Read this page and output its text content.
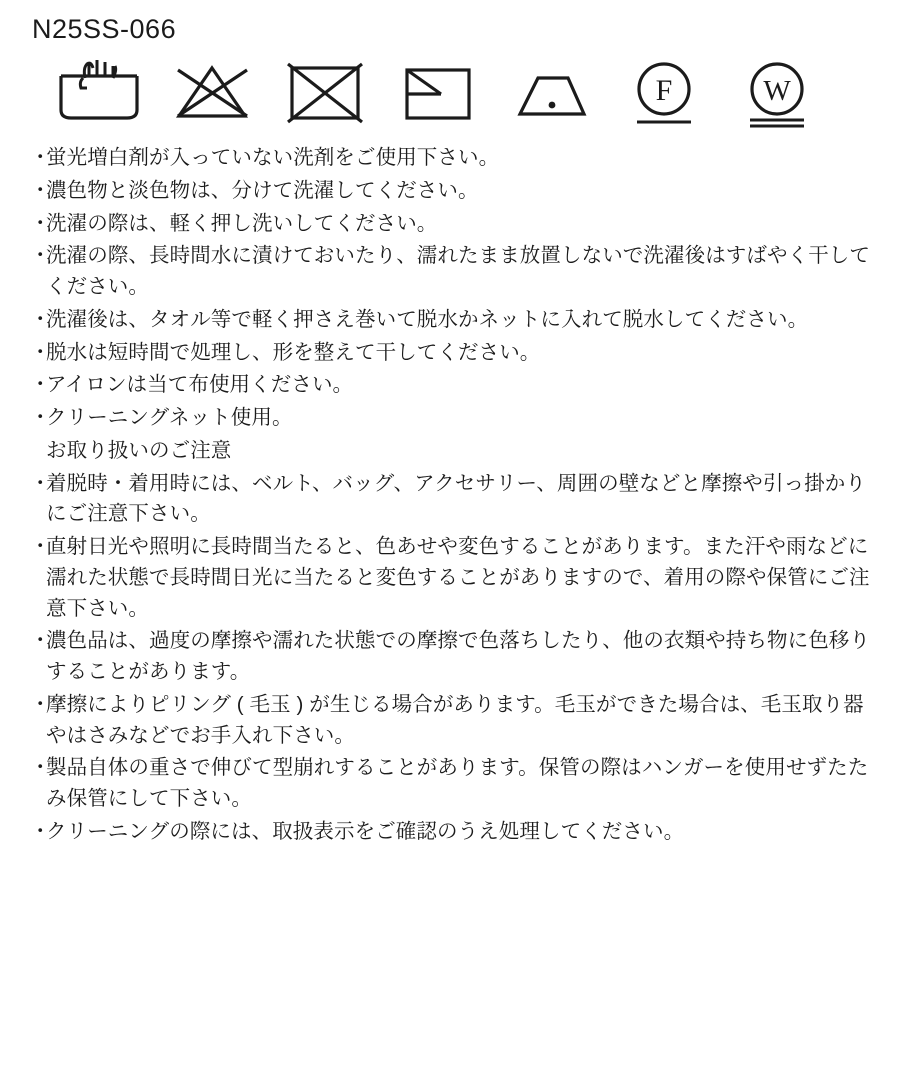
N25SS-066
F	W
・
蛍光増白剤が入っていない洗剤をご使用下さい。
・
濃色物と淡色物は、分けて洗濯してください。
・
洗濯の際は、軽く押し洗いしてください。
・
洗濯の際、長時間水に漬けておいたり、濡れたまま放置しないで洗濯後はすばやく干してください。
・
洗濯後は、タオル等で軽く押さえ巻いて脱水かネットに入れて脱水してください。
・
脱水は短時間で処理し、形を整えて干してください。
・
アイロンは当て布使用ください。
・
クリーニングネット使用。
お取り扱いのご注意
・
着脱時・着用時には、ベルト、バッグ、アクセサリー、周囲の壁などと摩擦や引っ掛かりにご注意下さい。
・
直射日光や照明に長時間当たると、色あせや変色することがあります。また汗や雨などに濡れた状態で長時間日光に当たると変色することがありますので、着用の際や保管にご注意下さい。
・
濃色品は、過度の摩擦や濡れた状態での摩擦で色落ちしたり、他の衣類や持ち物に色移りすることがあります。
・
摩擦によりピリング ( 毛玉 ) が生じる場合があります。毛玉ができた場合は、毛玉取り器やはさみなどでお手入れ下さい。
・
製品自体の重さで伸びて型崩れすることがあります。保管の際はハンガーを使用せずたたみ保管にして下さい。
・
クリーニングの際には、取扱表示をご確認のうえ処理してください。
